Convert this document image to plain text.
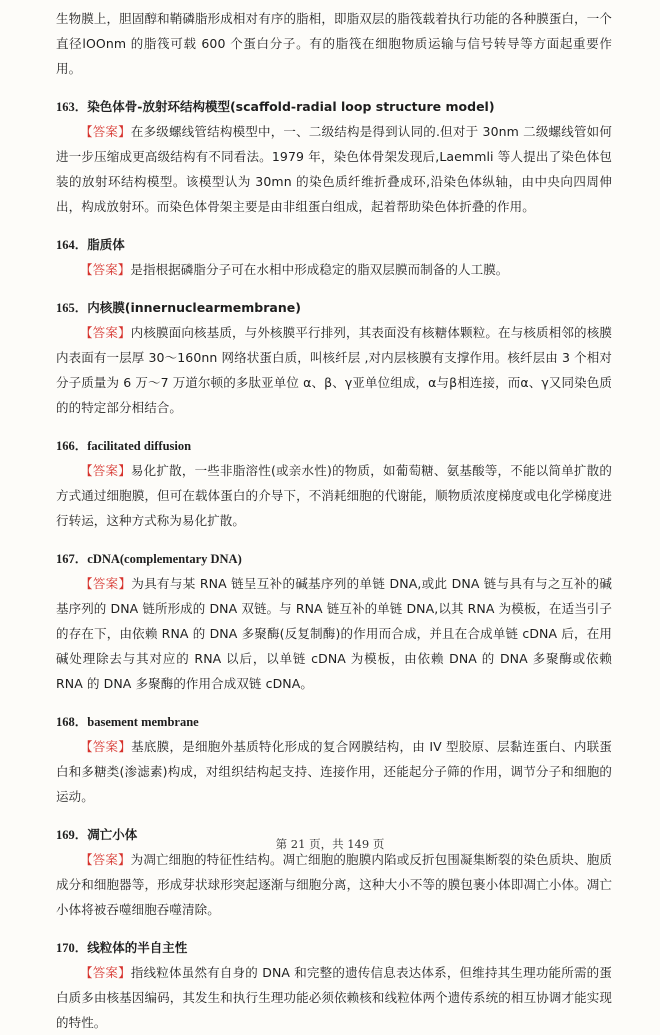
生物膜上，胆固醇和鞘磷脂形成相对有序的脂相，即脂双层的脂筏载着执行功能的各种膜蛋白，一个直径lOOnm 的脂筏可载 600 个蛋白分子。有的脂筏在细胞物质运输与信号转导等方面起重要作用。

163．染色体骨-放射环结构模型(scaffold-radial loop structure model)

【答案】在多级螺线管结构模型中，一、二级结构是得到认同的.但对于 30nm 二级螺线管如何进一步压缩成更高级结构有不同看法。1979 年，染色体骨架发现后,Laemmli 等人提出了染色体包装的放射环结构模型。该模型认为 30mn 的染色质纤维折叠成环,沿染色体纵轴，由中央向四周伸出，构成放射环。而染色体骨架主要是由非组蛋白组成，起着帮助染色体折叠的作用。

164．脂质体

【答案】是指根据磷脂分子可在水相中形成稳定的脂双层膜而制备的人工膜。

165．内核膜(innernuclearmembrane)

【答案】内核膜面向核基质，与外核膜平行排列，其表面没有核糖体颗粒。在与核质相邻的核膜内表面有一层厚 30～160nn 网络状蛋白质，叫核纤层 ,对内层核膜有支撑作用。核纤层由 3 个相对分子质量为 6 万～7 万道尔顿的多肽亚单位 α、β、γ亚单位组成，α与β相连接，而α、γ又同染色质的的特定部分相结合。

166．facilitated diffusion

【答案】易化扩散，一些非脂溶性(或亲水性)的物质，如葡萄糖、氨基酸等，不能以简单扩散的方式通过细胞膜，但可在载体蛋白的介导下，不消耗细胞的代谢能，顺物质浓度梯度或电化学梯度进行转运，这种方式称为易化扩散。

167．cDNA(complementary DNA)

【答案】为具有与某 RNA 链呈互补的碱基序列的单链 DNA,或此 DNA 链与具有与之互补的碱基序列的 DNA 链所形成的 DNA 双链。与 RNA 链互补的单链 DNA,以其 RNA 为模板，在适当引子的存在下，由依赖 RNA 的 DNA 多聚酶(反复制酶)的作用而合成，并且在合成单链 cDNA 后，在用碱处理除去与其对应的 RNA 以后，以单链 cDNA 为模板，由依赖 DNA 的 DNA 多聚酶或依赖 RNA 的 DNA 多聚酶的作用合成双链 cDNA。

168．basement membrane

【答案】基底膜，是细胞外基质特化形成的复合网膜结构，由 IV 型胶原、层黏连蛋白、内联蛋白和多糖类(渗滤素)构成，对组织结构起支持、连接作用，还能起分子筛的作用，调节分子和细胞的运动。

169．凋亡小体

【答案】为凋亡细胞的特征性结构。凋亡细胞的胞膜内陷或反折包围凝集断裂的染色质块、胞质成分和细胞器等，形成芽状球形突起逐渐与细胞分离，这种大小不等的膜包裹小体即凋亡小体。凋亡小体将被吞噬细胞吞噬清除。

170．线粒体的半自主性

【答案】指线粒体虽然有自身的 DNA 和完整的遗传信息表达体系，但维持其生理功能所需的蛋白质多由核基因编码，其发生和执行生理功能必须依赖核和线粒体两个遗传系统的相互协调才能实现的特性。

第 21 页，共 149 页
